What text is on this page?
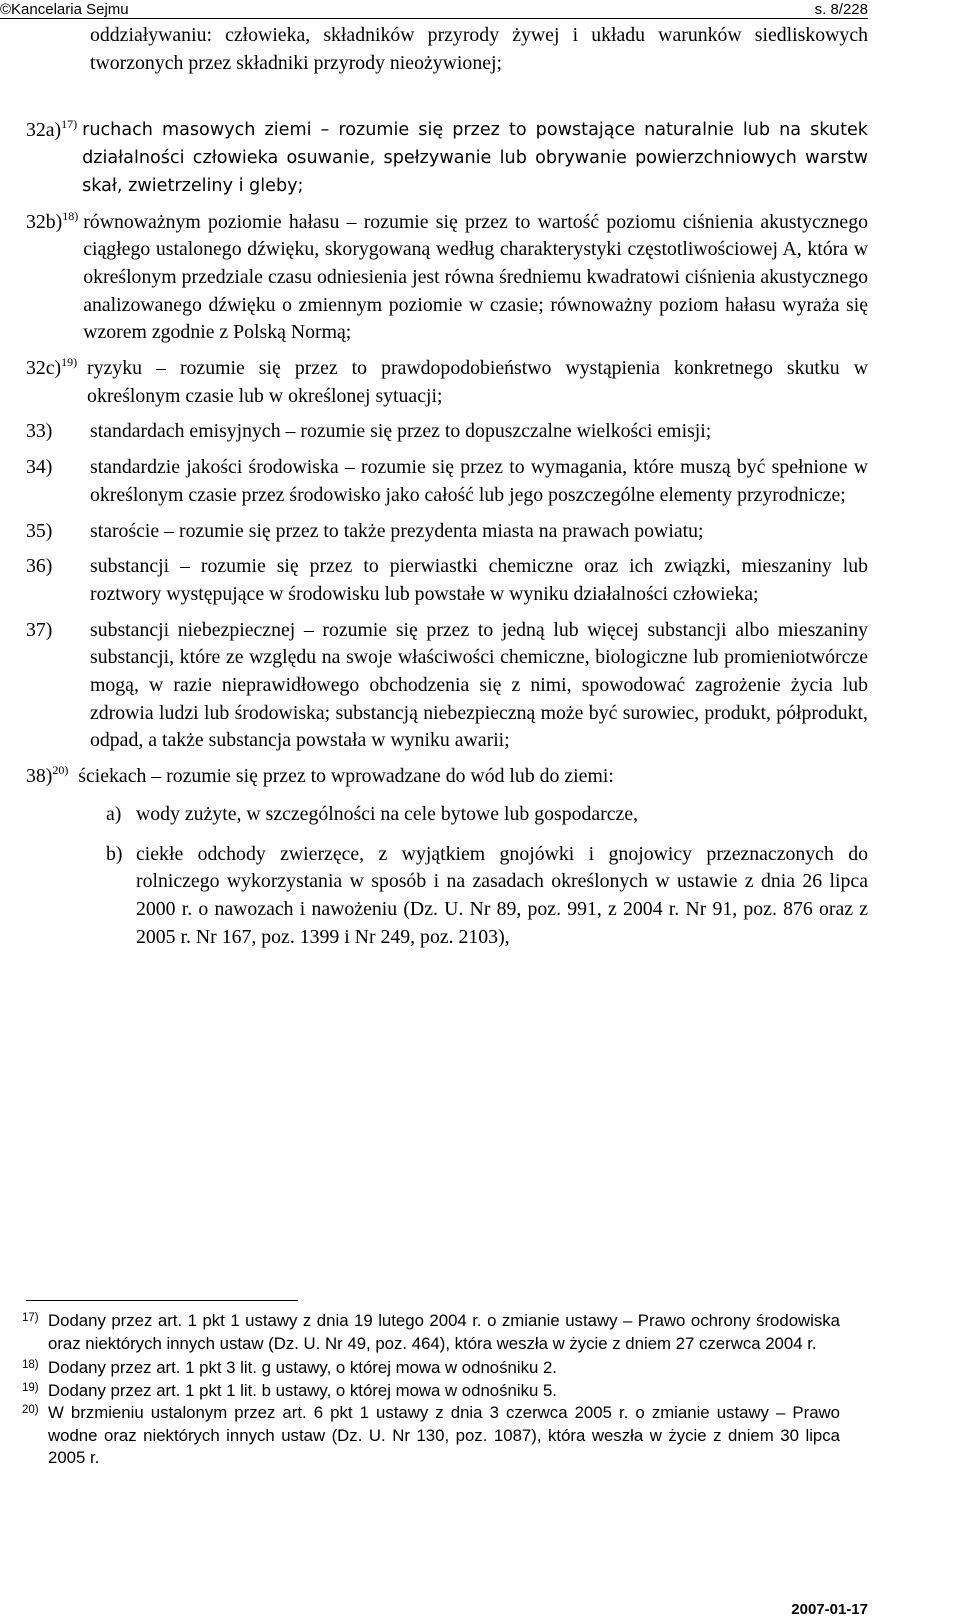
©Kancelaria Sejmu	s. 8/228
oddziaływaniu: człowieka, składników przyrody żywej i układu warunków siedliskowych tworzonych przez składniki przyrody nieożywionej;
32a)$^{17)}$ ruchach masowych ziemi – rozumie się przez to powstające naturalnie lub na skutek działalności człowieka osuwanie, spełzywanie lub obrywanie powierzchniowych warstw skał, zwietrzeliny i gleby;
32b)$^{18)}$ równoważnym poziomie hałasu – rozumie się przez to wartość poziomu ciśnienia akustycznego ciągłego ustalonego dźwięku, skorygowaną według charakterystyki częstotliwościowej A, która w określonym przedziale czasu odniesienia jest równa średniemu kwadratowi ciśnienia akustycznego analizowanego dźwięku o zmiennym poziomie w czasie; równoważny poziom hałasu wyraża się wzorem zgodnie z Polską Normą;
32c)$^{19)}$ ryzyku – rozumie się przez to prawdopodobieństwo wystąpienia konkretnego skutku w określonym czasie lub w określonej sytuacji;
33)	standardach emisyjnych – rozumie się przez to dopuszczalne wielkości emisji;
34)	standardzie jakości środowiska – rozumie się przez to wymagania, które muszą być spełnione w określonym czasie przez środowisko jako całość lub jego poszczególne elementy przyrodnicze;
35)	staroście – rozumie się przez to także prezydenta miasta na prawach powiatu;
36)	substancji – rozumie się przez to pierwiastki chemiczne oraz ich związki, mieszaniny lub roztwory występujące w środowisku lub powstałe w wyniku działalności człowieka;
37)	substancji niebezpiecznej – rozumie się przez to jedną lub więcej substancji albo mieszaniny substancji, które ze względu na swoje właściwości chemiczne, biologiczne lub promieniotwórcze mogą, w razie nieprawidłowego obchodzenia się z nimi, spowodować zagrożenie życia lub zdrowia ludzi lub środowiska; substancją niebezpieczną może być surowiec, produkt, półprodukt, odpad, a także substancja powstała w wyniku awarii;
38)$^{20)}$ ściekach – rozumie się przez to wprowadzane do wód lub do ziemi:
a) wody zużyte, w szczególności na cele bytowe lub gospodarcze,
b) ciekłe odchody zwierzęce, z wyjątkiem gnojówki i gnojowicy przeznaczonych do rolniczego wykorzystania w sposób i na zasadach określonych w ustawie z dnia 26 lipca 2000 r. o nawozach i nawożeniu (Dz. U. Nr 89, poz. 991, z 2004 r. Nr 91, poz. 876 oraz z 2005 r. Nr 167, poz. 1399 i Nr 249, poz. 2103),
17) Dodany przez art. 1 pkt 1 ustawy z dnia 19 lutego 2004 r. o zmianie ustawy – Prawo ochrony środowiska oraz niektórych innych ustaw (Dz. U. Nr 49, poz. 464), która weszła w życie z dniem 27 czerwca 2004 r.
18) Dodany przez art. 1 pkt 3 lit. g ustawy, o której mowa w odnośniku 2.
19) Dodany przez art. 1 pkt 1 lit. b ustawy, o której mowa w odnośniku 5.
20) W brzmieniu ustalonym przez art. 6 pkt 1 ustawy z dnia 3 czerwca 2005 r. o zmianie ustawy – Prawo wodne oraz niektórych innych ustaw (Dz. U. Nr 130, poz. 1087), która weszła w życie z dniem 30 lipca 2005 r.
2007-01-17
